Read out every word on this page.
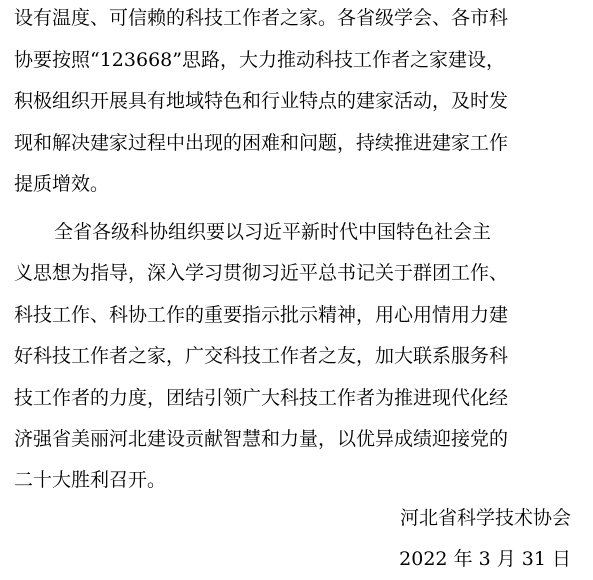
设有温度、可信赖的科技工作者之家。各省级学会、各市科
协要按照“123668”思路，大力推动科技工作者之家建设，
积极组织开展具有地域特色和行业特点的建家活动，及时发
现和解决建家过程中出现的困难和问题，持续推进建家工作
提质增效。
全省各级科协组织要以习近平新时代中国特色社会主
义思想为指导，深入学习贯彻习近平总书记关于群团工作、
科技工作、科协工作的重要指示批示精神，用心用情用力建
好科技工作者之家，广交科技工作者之友，加大联系服务科
技工作者的力度，团结引领广大科技工作者为推进现代化经
济强省美丽河北建设贡献智慧和力量，以优异成绩迎接党的
二十大胜利召开。
河北省科学技术协会
2022 年 3 月 31 日
